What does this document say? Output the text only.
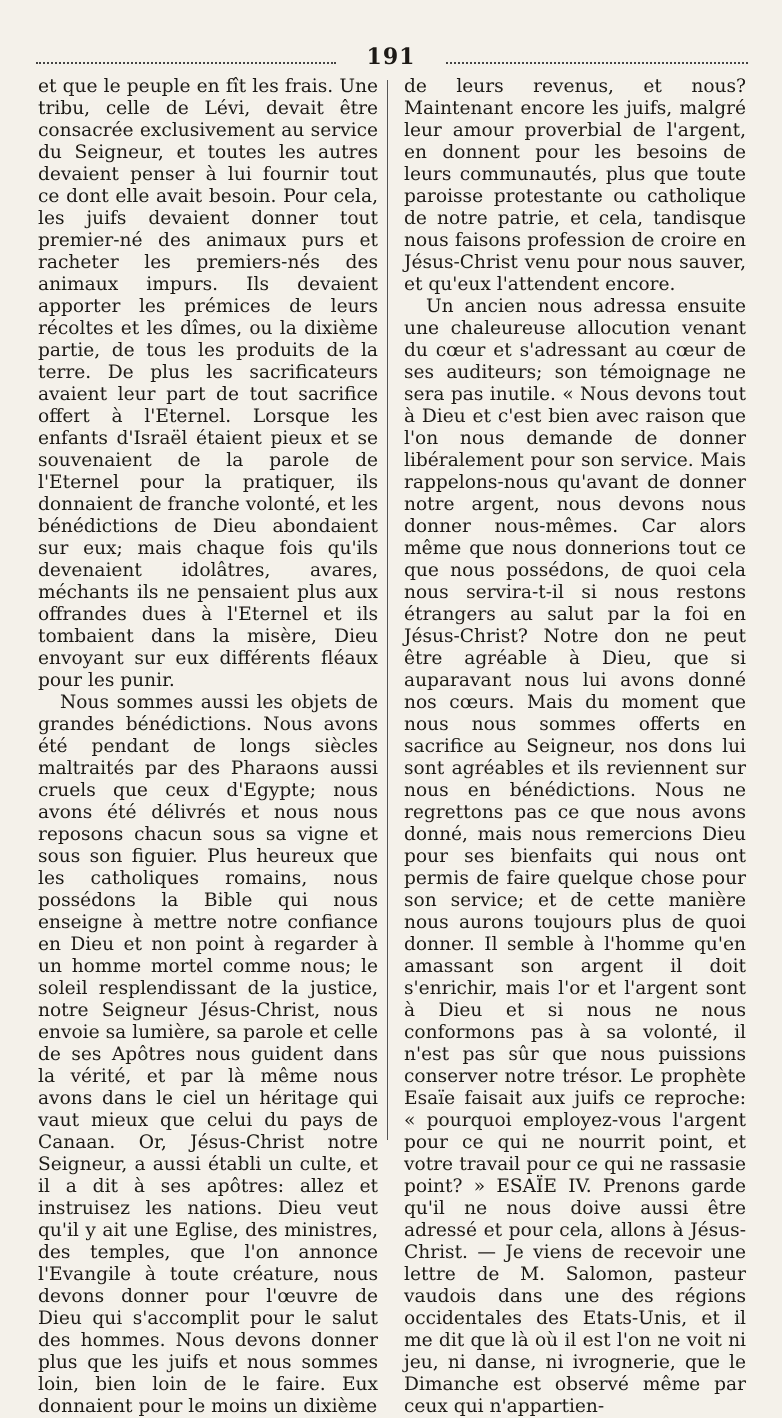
191

et que le peuple en fît les frais. Une tribu, celle de Lévi, devait être consacrée exclusivement au service du Seigneur, et toutes les autres devaient penser à lui fournir tout ce dont elle avait besoin. Pour cela, les juifs devaient donner tout premier-né des animaux purs et racheter les premiers-nés des animaux impurs. Ils devaient apporter les prémices de leurs récoltes et les dîmes, ou la dixième partie, de tous les produits de la terre. De plus les sacrificateurs avaient leur part de tout sacrifice offert à l'Eternel. Lorsque les enfants d'Israël étaient pieux et se souvenaient de la parole de l'Eternel pour la pratiquer, ils donnaient de franche volonté, et les bénédictions de Dieu abondaient sur eux; mais chaque fois qu'ils devenaient idolâtres, avares, méchants ils ne pensaient plus aux offrandes dues à l'Eternel et ils tombaient dans la misère, Dieu envoyant sur eux différents fléaux pour les punir.

Nous sommes aussi les objets de grandes bénédictions. Nous avons été pendant de longs siècles maltraités par des Pharaons aussi cruels que ceux d'Egypte; nous avons été délivrés et nous nous reposons chacun sous sa vigne et sous son figuier. Plus heureux que les catholiques romains, nous possédons la Bible qui nous enseigne à mettre notre confiance en Dieu et non point à regarder à un homme mortel comme nous; le soleil resplendissant de la justice, notre Seigneur Jésus-Christ, nous envoie sa lumière, sa parole et celle de ses Apôtres nous guident dans la vérité, et par là même nous avons dans le ciel un héritage qui vaut mieux que celui du pays de Canaan. Or, Jésus-Christ notre Seigneur, a aussi établi un culte, et il a dit à ses apôtres: allez et instruisez les nations. Dieu veut qu'il y ait une Eglise, des ministres, des temples, que l'on annonce l'Evangile à toute créature, nous devons donner pour l'œuvre de Dieu qui s'accomplit pour le salut des hommes. Nous devons donner plus que les juifs et nous sommes loin, bien loin de le faire. Eux donnaient pour le moins un dixième

de leurs revenus, et nous? Maintenant encore les juifs, malgré leur amour proverbial de l'argent, en donnent pour les besoins de leurs communautés, plus que toute paroisse protestante ou catholique de notre patrie, et cela, tandisque nous faisons profession de croire en Jésus-Christ venu pour nous sauver, et qu'eux l'attendent encore.

Un ancien nous adressa ensuite une chaleureuse allocution venant du cœur et s'adressant au cœur de ses auditeurs; son témoignage ne sera pas inutile. « Nous devons tout à Dieu et c'est bien avec raison que l'on nous demande de donner libéralement pour son service. Mais rappelons-nous qu'avant de donner notre argent, nous devons nous donner nous-mêmes. Car alors même que nous donnerions tout ce que nous possédons, de quoi cela nous servira-t-il si nous restons étrangers au salut par la foi en Jésus-Christ? Notre don ne peut être agréable à Dieu, que si auparavant nous lui avons donné nos cœurs. Mais du moment que nous nous sommes offerts en sacrifice au Seigneur, nos dons lui sont agréables et ils reviennent sur nous en bénédictions. Nous ne regrettons pas ce que nous avons donné, mais nous remercions Dieu pour ses bienfaits qui nous ont permis de faire quelque chose pour son service; et de cette manière nous aurons toujours plus de quoi donner. Il semble à l'homme qu'en amassant son argent il doit s'enrichir, mais l'or et l'argent sont à Dieu et si nous ne nous conformons pas à sa volonté, il n'est pas sûr que nous puissions conserver notre trésor. Le prophète Esaïe faisait aux juifs ce reproche: « pourquoi employez-vous l'argent pour ce qui ne nourrit point, et votre travail pour ce qui ne rassasie point? » ESAÏE IV. Prenons garde qu'il ne nous doive aussi être adressé et pour cela, allons à Jésus-Christ. — Je viens de recevoir une lettre de M. Salomon, pasteur vaudois dans une des régions occidentales des Etats-Unis, et il me dit que là où il est l'on ne voit ni jeu, ni danse, ni ivrognerie, que le Dimanche est observé même par ceux qui n'appartien-
